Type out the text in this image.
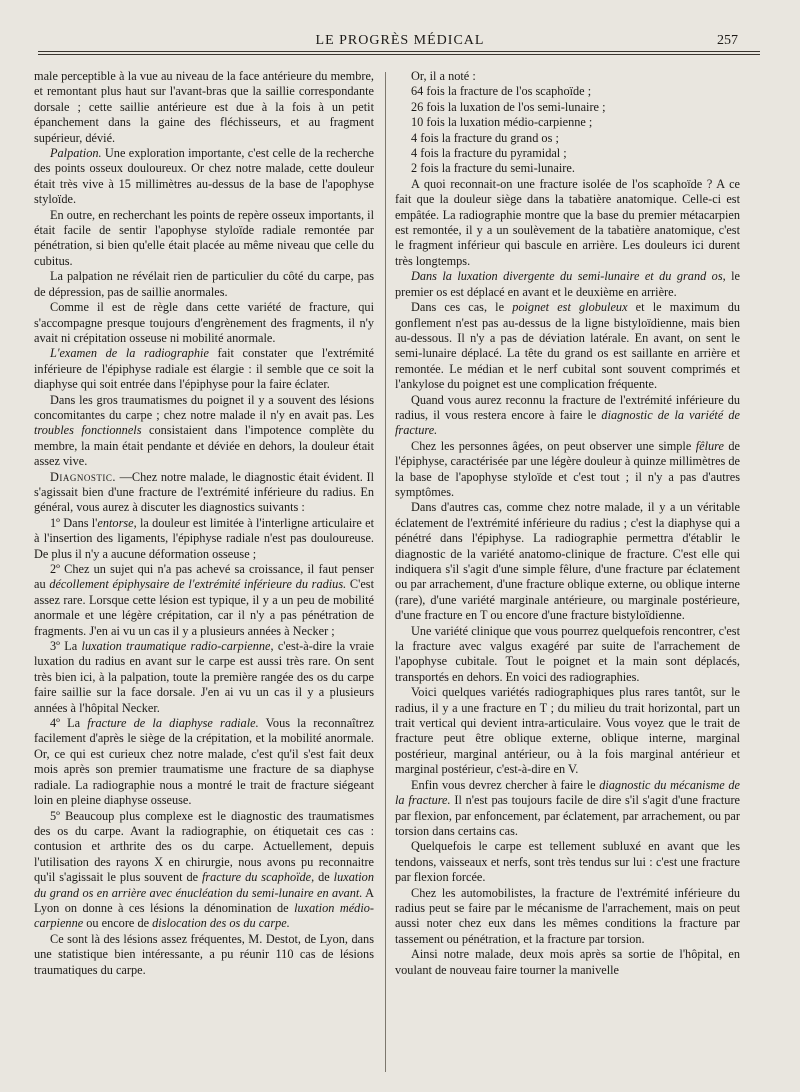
LE PROGRÈS MÉDICAL	257

male perceptible à la vue au niveau de la face antérieure du membre, et remontant plus haut sur l'avant-bras que la saillie correspondante dorsale ; cette saillie antérieure est due à la fois à un petit épanchement dans la gaine des fléchisseurs, et au fragment supérieur, dévié.

Palpation. Une exploration importante, c'est celle de la recherche des points osseux douloureux. Or chez notre malade, cette douleur était très vive à 15 millimètres au-dessus de la base de l'apophyse styloïde.

En outre, en recherchant les points de repère osseux importants, il était facile de sentir l'apophyse styloïde radiale remontée par pénétration, si bien qu'elle était placée au même niveau que celle du cubitus.

La palpation ne révélait rien de particulier du côté du carpe, pas de dépression, pas de saillie anormales.

Comme il est de règle dans cette variété de fracture, qui s'accompagne presque toujours d'engrènement des fragments, il n'y avait ni crépitation osseuse ni mobilité anormale.

L'examen de la radiographie fait constater que l'extrémité inférieure de l'épiphyse radiale est élargie : il semble que ce soit la diaphyse qui soit entrée dans l'épiphyse pour la faire éclater.

Dans les gros traumatismes du poignet il y a souvent des lésions concomitantes du carpe ; chez notre malade il n'y en avait pas. Les troubles fonctionnels consistaient dans l'impotence complète du membre, la main était pendante et déviée en dehors, la douleur était assez vive.

Diagnostic. —Chez notre malade, le diagnostic était évident. Il s'agissait bien d'une fracture de l'extrémité inférieure du radius. En général, vous aurez à discuter les diagnostics suivants :

1º Dans l'entorse, la douleur est limitée à l'interligne articulaire et à l'insertion des ligaments, l'épiphyse radiale n'est pas douloureuse. De plus il n'y a aucune déformation osseuse ;

2º Chez un sujet qui n'a pas achevé sa croissance, il faut penser au décollement épiphysaire de l'extrémité inférieure du radius. C'est assez rare. Lorsque cette lésion est typique, il y a un peu de mobilité anormale et une légère crépitation, car il n'y a pas pénétration de fragments. J'en ai vu un cas il y a plusieurs années à Necker ;

3º La luxation traumatique radio-carpienne, c'est-à-dire la vraie luxation du radius en avant sur le carpe est aussi très rare. On sent très bien ici, à la palpation, toute la première rangée des os du carpe faire saillie sur la face dorsale. J'en ai vu un cas il y a plusieurs années à l'hôpital Necker.

4º La fracture de la diaphyse radiale. Vous la reconnaîtrez facilement d'après le siège de la crépitation, et la mobilité anormale. Or, ce qui est curieux chez notre malade, c'est qu'il s'est fait deux mois après son premier traumatisme une fracture de sa diaphyse radiale. La radiographie nous a montré le trait de fracture siégeant loin en pleine diaphyse osseuse.

5º Beaucoup plus complexe est le diagnostic des traumatismes des os du carpe. Avant la radiographie, on étiquetait ces cas : contusion et arthrite des os du carpe. Actuellement, depuis l'utilisation des rayons X en chirurgie, nous avons pu reconnaitre qu'il s'agissait le plus souvent de fracture du scaphoïde, de luxation du grand os en arrière avec énucléation du semi-lunaire en avant. A Lyon on donne à ces lésions la dénomination de luxation médio-carpienne ou encore de dislocation des os du carpe.

Ce sont là des lésions assez fréquentes, M. Destot, de Lyon, dans une statistique bien intéressante, a pu réunir 110 cas de lésions traumatiques du carpe.

Or, il a noté :

64 fois la fracture de l'os scaphoïde ;

26 fois la luxation de l'os semi-lunaire ;

10 fois la luxation médio-carpienne ;

4 fois la fracture du grand os ;

4 fois la fracture du pyramidal ;

2 fois la fracture du semi-lunaire.

A quoi reconnait-on une fracture isolée de l'os scaphoïde ? A ce fait que la douleur siège dans la tabatière anatomique. Celle-ci est empâtée. La radiographie montre que la base du premier métacarpien est remontée, il y a un soulèvement de la tabatière anatomique, c'est le fragment inférieur qui bascule en arrière. Les douleurs ici durent très longtemps.

Dans la luxation divergente du semi-lunaire et du grand os, le premier os est déplacé en avant et le deuxième en arrière.

Dans ces cas, le poignet est globuleux et le maximum du gonflement n'est pas au-dessus de la ligne bistyloïdienne, mais bien au-dessous. Il n'y a pas de déviation latérale. En avant, on sent le semi-lunaire déplacé. La tête du grand os est saillante en arrière et remontée. Le médian et le nerf cubital sont souvent comprimés et l'ankylose du poignet est une complication fréquente.

Quand vous aurez reconnu la fracture de l'extrémité inférieure du radius, il vous restera encore à faire le diagnostic de la variété de fracture.

Chez les personnes âgées, on peut observer une simple fêlure de l'épiphyse, caractérisée par une légère douleur à quinze millimètres de la base de l'apophyse styloïde et c'est tout ; il n'y a pas d'autres symptômes.

Dans d'autres cas, comme chez notre malade, il y a un véritable éclatement de l'extrémité inférieure du radius ; c'est la diaphyse qui a pénétré dans l'épiphyse. La radiographie permettra d'établir le diagnostic de la variété anatomo-clinique de fracture. C'est elle qui indiquera s'il s'agit d'une simple fêlure, d'une fracture par éclatement ou par arrachement, d'une fracture oblique externe, ou oblique interne (rare), d'une variété marginale antérieure, ou marginale postérieure, d'une fracture en T ou encore d'une fracture bistyloïdienne.

Une variété clinique que vous pourrez quelquefois rencontrer, c'est la fracture avec valgus exagéré par suite de l'arrachement de l'apophyse cubitale. Tout le poignet et la main sont déplacés, transportés en dehors. En voici des radiographies.

Voici quelques variétés radiographiques plus rares tantôt, sur le radius, il y a une fracture en T ; du milieu du trait horizontal, part un trait vertical qui devient intra-articulaire. Vous voyez que le trait de fracture peut être oblique externe, oblique interne, marginal postérieur, marginal antérieur, ou à la fois marginal antérieur et marginal postérieur, c'est-à-dire en V.

Enfin vous devrez chercher à faire le diagnostic du mécanisme de la fracture. Il n'est pas toujours facile de dire s'il s'agit d'une fracture par flexion, par enfoncement, par éclatement, par arrachement, ou par torsion dans certains cas.

Quelquefois le carpe est tellement subluxé en avant que les tendons, vaisseaux et nerfs, sont très tendus sur lui : c'est une fracture par flexion forcée.

Chez les automobilistes, la fracture de l'extrémité inférieure du radius peut se faire par le mécanisme de l'arrachement, mais on peut aussi noter chez eux dans les mêmes conditions la fracture par tassement ou pénétration, et la fracture par torsion.

Ainsi notre malade, deux mois après sa sortie de l'hôpital, en voulant de nouveau faire tourner la manivelle
